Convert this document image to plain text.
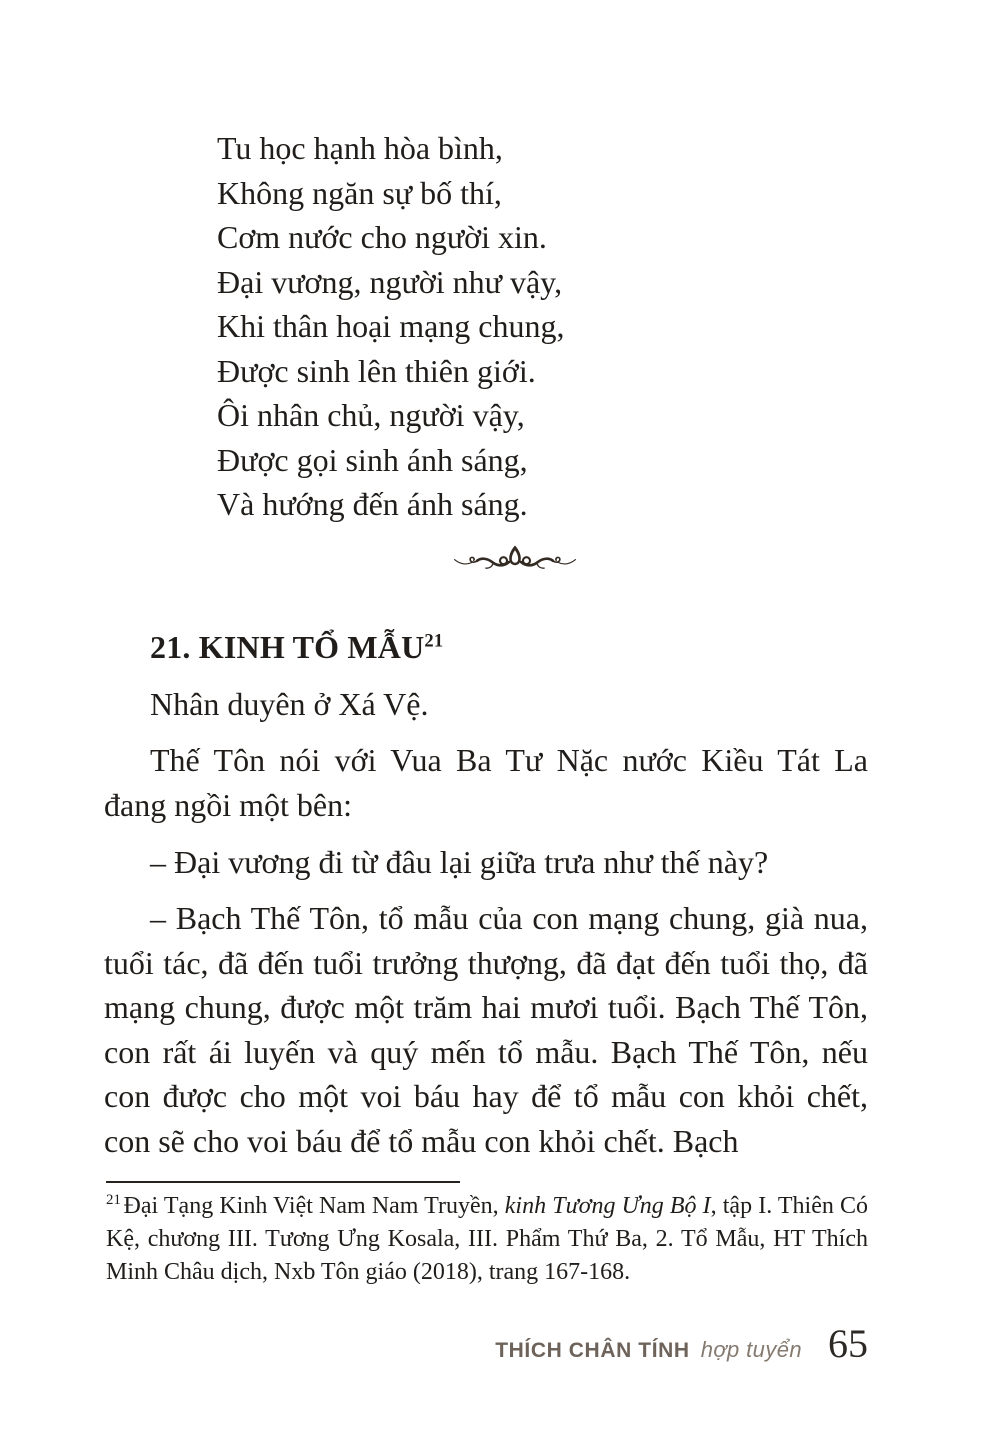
Tu học hạnh hòa bình,
Không ngăn sự bố thí,
Cơm nước cho người xin.
Đại vương, người như vậy,
Khi thân hoại mạng chung,
Được sinh lên thiên giới.
Ôi nhân chủ, người vậy,
Được gọi sinh ánh sáng,
Và hướng đến ánh sáng.
21. KINH TỔ MẪU$^{21}$

Nhân duyên ở Xá Vệ.

Thế Tôn nói với Vua Ba Tư Nặc nước Kiều Tát La đang ngồi một bên:

– Đại vương đi từ đâu lại giữa trưa như thế này?

– Bạch Thế Tôn, tổ mẫu của con mạng chung, già nua, tuổi tác, đã đến tuổi trưởng thượng, đã đạt đến tuổi thọ, đã mạng chung, được một trăm hai mươi tuổi. Bạch Thế Tôn, con rất ái luyến và quý mến tổ mẫu. Bạch Thế Tôn, nếu con được cho một voi báu hay để tổ mẫu con khỏi chết, con sẽ cho voi báu để tổ mẫu con khỏi chết. Bạch

$^{21}$ Đại Tạng Kinh Việt Nam Nam Truyền, kinh Tương Ưng Bộ I, tập I. Thiên Có Kệ, chương III. Tương Ưng Kosala, III. Phẩm Thứ Ba, 2. Tổ Mẫu, HT Thích Minh Châu dịch, Nxb Tôn giáo (2018), trang 167-168.

THÍCH CHÂN TÍNH hợp tuyển 65
